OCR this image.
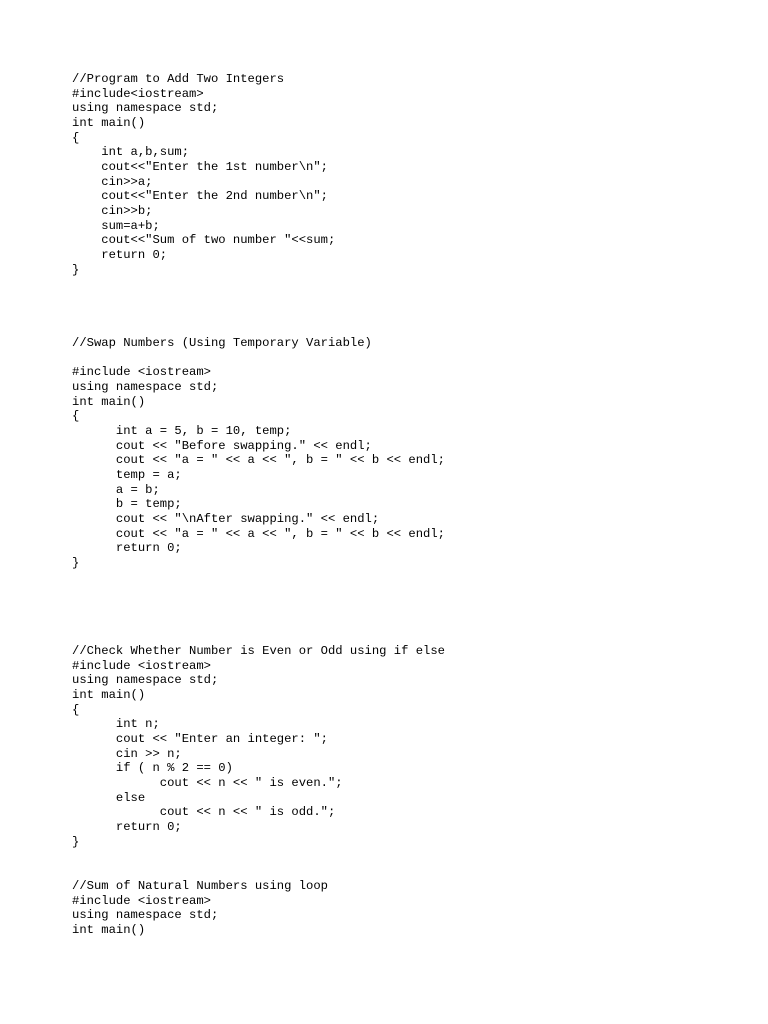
//Program to Add Two Integers
#include<iostream>
using namespace std;
int main()
{
int a,b,sum;
cout<<"Enter the 1st number\n";
cin>>a;
cout<<"Enter the 2nd number\n";
cin>>b;
sum=a+b;
cout<<"Sum of two number "<<sum;
return 0;
}
//Swap Numbers (Using Temporary Variable)
#include <iostream>
using namespace std;
int main()
{
int a = 5, b = 10, temp;
cout << "Before swapping." << endl;
cout << "a = " << a << ", b = " << b << endl;
temp = a;
a = b;
b = temp;
cout << "\nAfter swapping." << endl;
cout << "a = " << a << ", b = " << b << endl;
return 0;
}
//Check Whether Number is Even or Odd using if else
#include <iostream>
using namespace std;
int main()
{
int n;
cout << "Enter an integer: ";
cin >> n;
if ( n % 2 == 0)
cout << n << " is even.";
else
cout << n << " is odd.";
return 0;
}
//Sum of Natural Numbers using loop
#include <iostream>
using namespace std;
int main()
